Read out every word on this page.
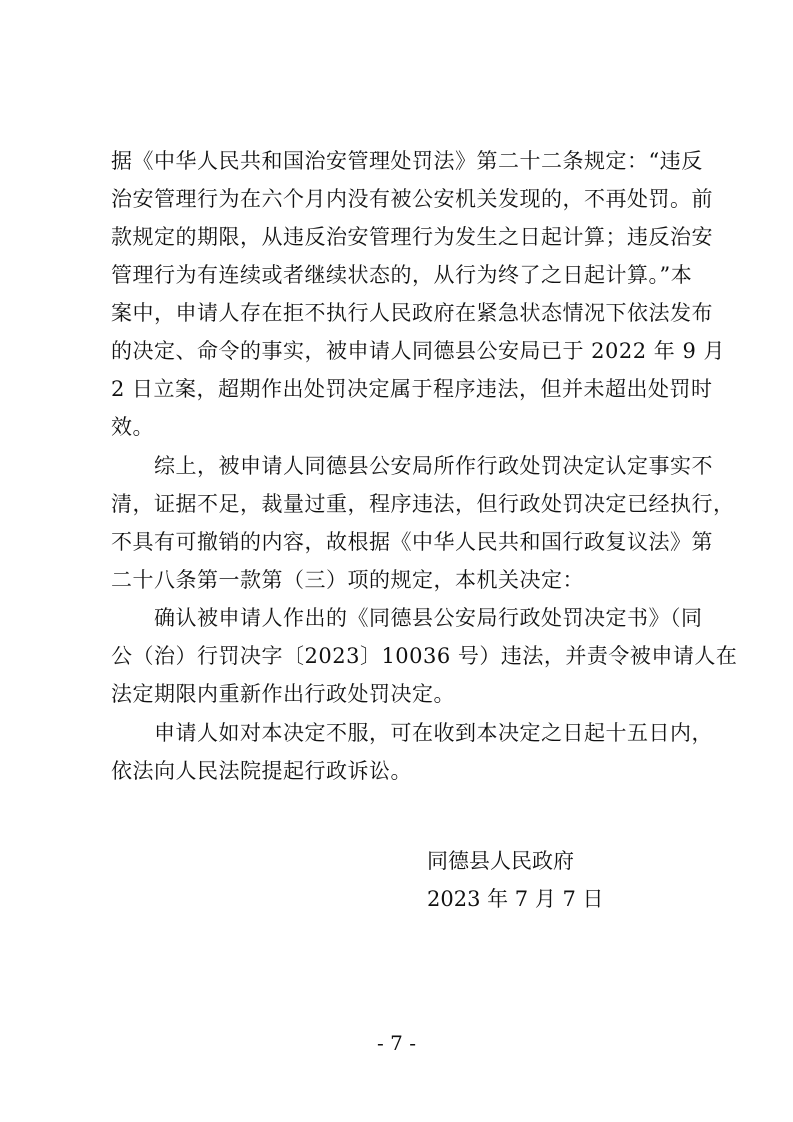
据《中华人民共和国治安管理处罚法》第二十二条规定：“违反
治安管理行为在六个月内没有被公安机关发现的，不再处罚。前
款规定的期限，从违反治安管理行为发生之日起计算；违反治安
管理行为有连续或者继续状态的，从行为终了之日起计算。”本
案中，申请人存在拒不执行人民政府在紧急状态情况下依法发布
的决定、命令的事实，被申请人同德县公安局已于 2022 年 9 月
2 日立案，超期作出处罚决定属于程序违法，但并未超出处罚时
效。
　　综上，被申请人同德县公安局所作行政处罚决定认定事实不
清，证据不足，裁量过重，程序违法，但行政处罚决定已经执行，
不具有可撤销的内容，故根据《中华人民共和国行政复议法》第
二十八条第一款第（三）项的规定，本机关决定：
　　确认被申请人作出的《同德县公安局行政处罚决定书》（同
公（治）行罚决字〔2023〕10036 号）违法，并责令被申请人在
法定期限内重新作出行政处罚决定。
　　申请人如对本决定不服，可在收到本决定之日起十五日内，
依法向人民法院提起行政诉讼。
同德县人民政府
2023 年 7 月 7 日
- 7 -
